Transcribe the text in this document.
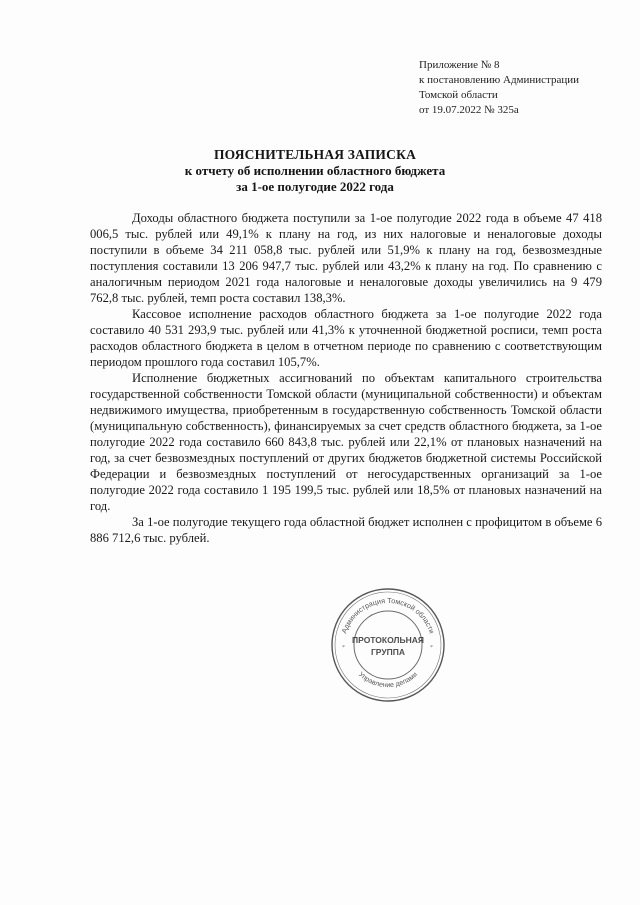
Приложение № 8
к постановлению Администрации
Томской области
от 19.07.2022 № 325а
ПОЯСНИТЕЛЬНАЯ ЗАПИСКА
к отчету об исполнении областного бюджета
за 1-ое полугодие 2022 года

Доходы областного бюджета поступили за 1-ое полугодие 2022 года в объеме 47 418 006,5 тыс. рублей или 49,1% к плану на год, из них налоговые и неналоговые доходы поступили в объеме 34 211 058,8 тыс. рублей или 51,9% к плану на год, безвозмездные поступления составили 13 206 947,7 тыс. рублей или 43,2% к плану на год. По сравнению с аналогичным периодом 2021 года налоговые и неналоговые доходы увеличились на 9 479 762,8 тыс. рублей, темп роста составил 138,3%.

Кассовое исполнение расходов областного бюджета за 1-ое полугодие 2022 года составило 40 531 293,9 тыс. рублей или 41,3% к уточненной бюджетной росписи, темп роста расходов областного бюджета в целом в отчетном периоде по сравнению с соответствующим периодом прошлого года составил 105,7%.

Исполнение бюджетных ассигнований по объектам капитального строительства государственной собственности Томской области (муниципальной собственности) и объектам недвижимого имущества, приобретенным в государственную собственность Томской области (муниципальную собственность), финансируемых за счет средств областного бюджета, за 1-ое полугодие 2022 года составило 660 843,8 тыс. рублей или 22,1% от плановых назначений на год, за счет безвозмездных поступлений от других бюджетов бюджетной системы Российской Федерации и безвозмездных поступлений от негосударственных организаций за 1-ое полугодие 2022 года составило 1 195 199,5 тыс. рублей или 18,5% от плановых назначений на год.

За 1-ое полугодие текущего года областной бюджет исполнен с профицитом в объеме 6 886 712,6 тыс. рублей.

Администрация Томской области
Управление делами
ПРОТОКОЛЬНАЯ
ГРУППА
*	*
